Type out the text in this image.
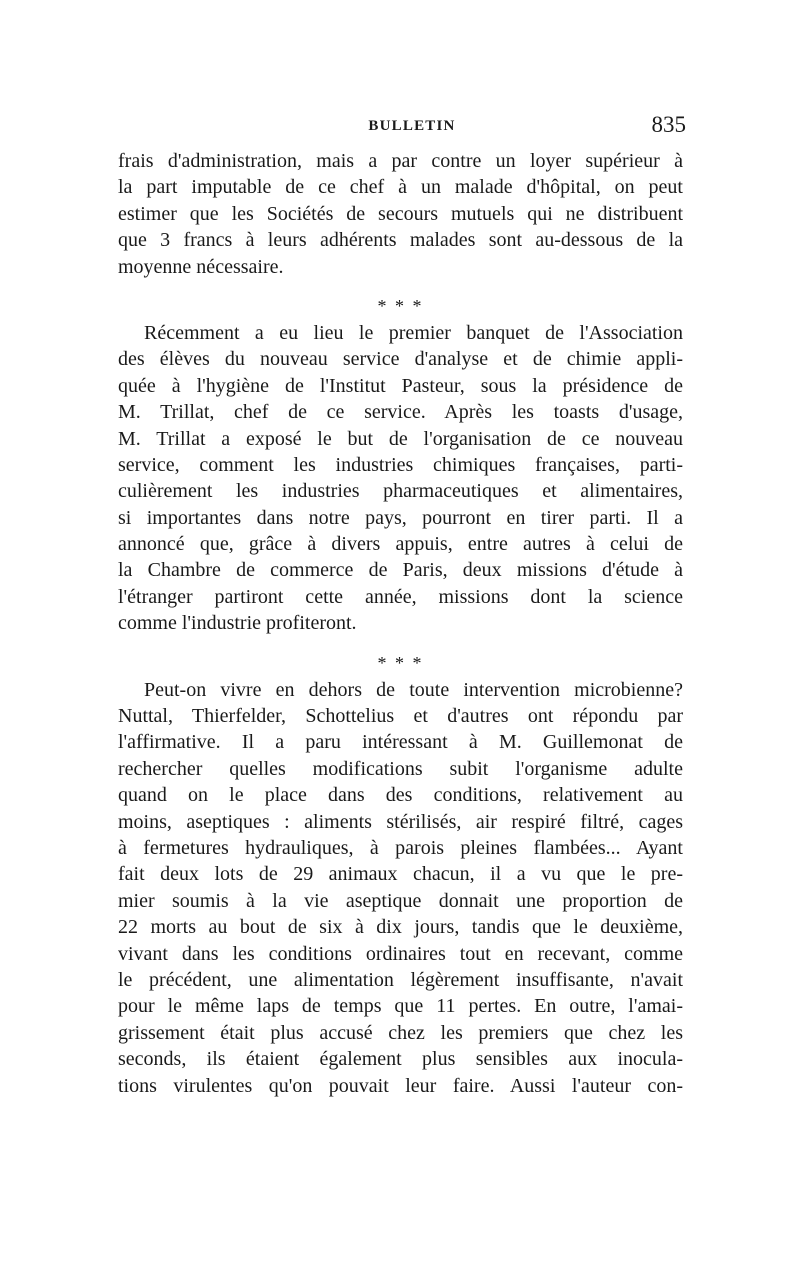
BULLETIN	835
frais d'administration, mais a par contre un loyer supérieur à
la part imputable de ce chef à un malade d'hôpital, on peut
estimer que les Sociétés de secours mutuels qui ne distribuent
que 3 francs à leurs adhérents malades sont au-dessous de la
moyenne nécessaire.
* * *
Récemment a eu lieu le premier banquet de l'Association
des élèves du nouveau service d'analyse et de chimie appli-
quée à l'hygiène de l'Institut Pasteur, sous la présidence de
M. Trillat, chef de ce service. Après les toasts d'usage,
M. Trillat a exposé le but de l'organisation de ce nouveau
service, comment les industries chimiques françaises, parti-
culièrement les industries pharmaceutiques et alimentaires,
si importantes dans notre pays, pourront en tirer parti. Il a
annoncé que, grâce à divers appuis, entre autres à celui de
la Chambre de commerce de Paris, deux missions d'étude à
l'étranger partiront cette année, missions dont la science
comme l'industrie profiteront.
* * *
Peut-on vivre en dehors de toute intervention microbienne?
Nuttal, Thierfelder, Schottelius et d'autres ont répondu par
l'affirmative. Il a paru intéressant à M. Guillemonat de
rechercher quelles modifications subit l'organisme adulte
quand on le place dans des conditions, relativement au
moins, aseptiques : aliments stérilisés, air respiré filtré, cages
à fermetures hydrauliques, à parois pleines flambées... Ayant
fait deux lots de 29 animaux chacun, il a vu que le pre-
mier soumis à la vie aseptique donnait une proportion de
22 morts au bout de six à dix jours, tandis que le deuxième,
vivant dans les conditions ordinaires tout en recevant, comme
le précédent, une alimentation légèrement insuffisante, n'avait
pour le même laps de temps que 11 pertes. En outre, l'amai-
grissement était plus accusé chez les premiers que chez les
seconds, ils étaient également plus sensibles aux inocula-
tions virulentes qu'on pouvait leur faire. Aussi l'auteur con-
